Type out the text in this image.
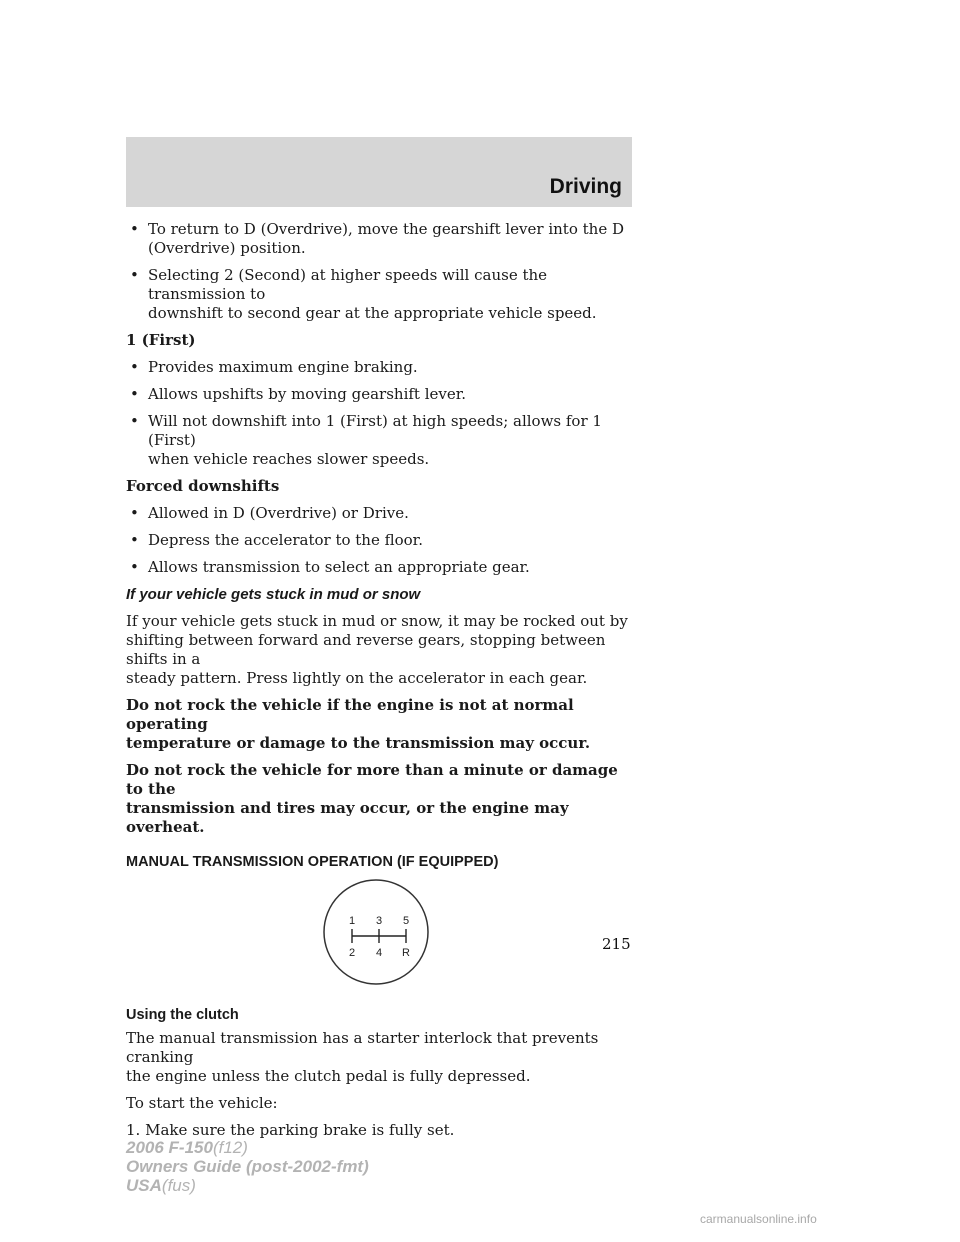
Driving
• To return to D (Overdrive), move the gearshift lever into the D
(Overdrive) position.
• Selecting 2 (Second) at higher speeds will cause the transmission to
downshift to second gear at the appropriate vehicle speed.
1 (First)
• Provides maximum engine braking.
• Allows upshifts by moving gearshift lever.
• Will not downshift into 1 (First) at high speeds; allows for 1 (First)
when vehicle reaches slower speeds.
Forced downshifts
• Allowed in D (Overdrive) or Drive.
• Depress the accelerator to the floor.
• Allows transmission to select an appropriate gear.
If your vehicle gets stuck in mud or snow
If your vehicle gets stuck in mud or snow, it may be rocked out by
shifting between forward and reverse gears, stopping between shifts in a
steady pattern. Press lightly on the accelerator in each gear.
Do not rock the vehicle if the engine is not at normal operating
temperature or damage to the transmission may occur.
Do not rock the vehicle for more than a minute or damage to the
transmission and tires may occur, or the engine may overheat.
MANUAL TRANSMISSION OPERATION (IF EQUIPPED)
1 3 5
2 4 R
Using the clutch
The manual transmission has a starter interlock that prevents cranking
the engine unless the clutch pedal is fully depressed.
To start the vehicle:
1. Make sure the parking brake is fully set.
215
2006 F-150(f12)
Owners Guide (post-2002-fmt)
USA(fus)
carmanualsonline.info
